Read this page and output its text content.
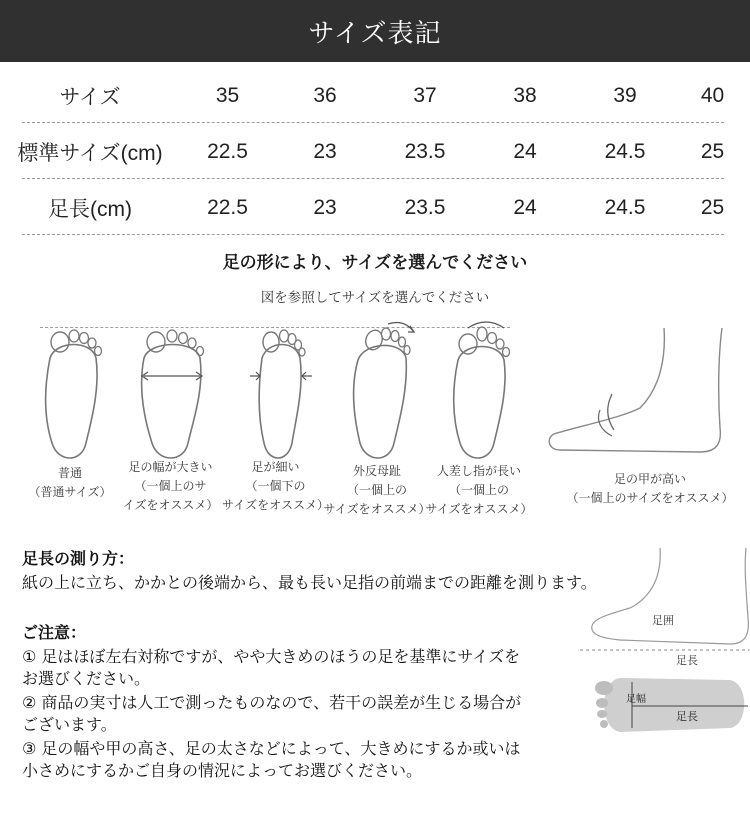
サイズ表記
サイズ	35	36	37	38	39	40
標準サイズ(cm)	22.5	23	23.5	24	24.5	25
足長(cm)	22.5	23	23.5	24	24.5	25
足の形により、サイズを選んでください
図を参照してサイズを選んでください
普通
（普通サイズ）
足の幅が大きい
（一個上のサ
イズをオススメ）
足が細い
（一個下の
サイズをオススメ）
外反母趾
（一個上の
サイズをオススメ）
人差し指が長い
（一個上の
サイズをオススメ）
足の甲が高い
（一個上のサイズをオススメ）
足長の測り方：
紙の上に立ち、かかとの後端から、最も長い足指の前端までの距離を測ります。
足囲
足長
足幅
足長
ご注意：
① 足はほぼ左右対称ですが、やや大きめのほうの足を基準にサイズを
お選びください。
② 商品の実寸は人工で測ったものなので、若干の誤差が生じる場合が
ございます。
③ 足の幅や甲の高さ、足の太さなどによって、大きめにするか或いは
小さめにするかご自身の情況によってお選びください。
